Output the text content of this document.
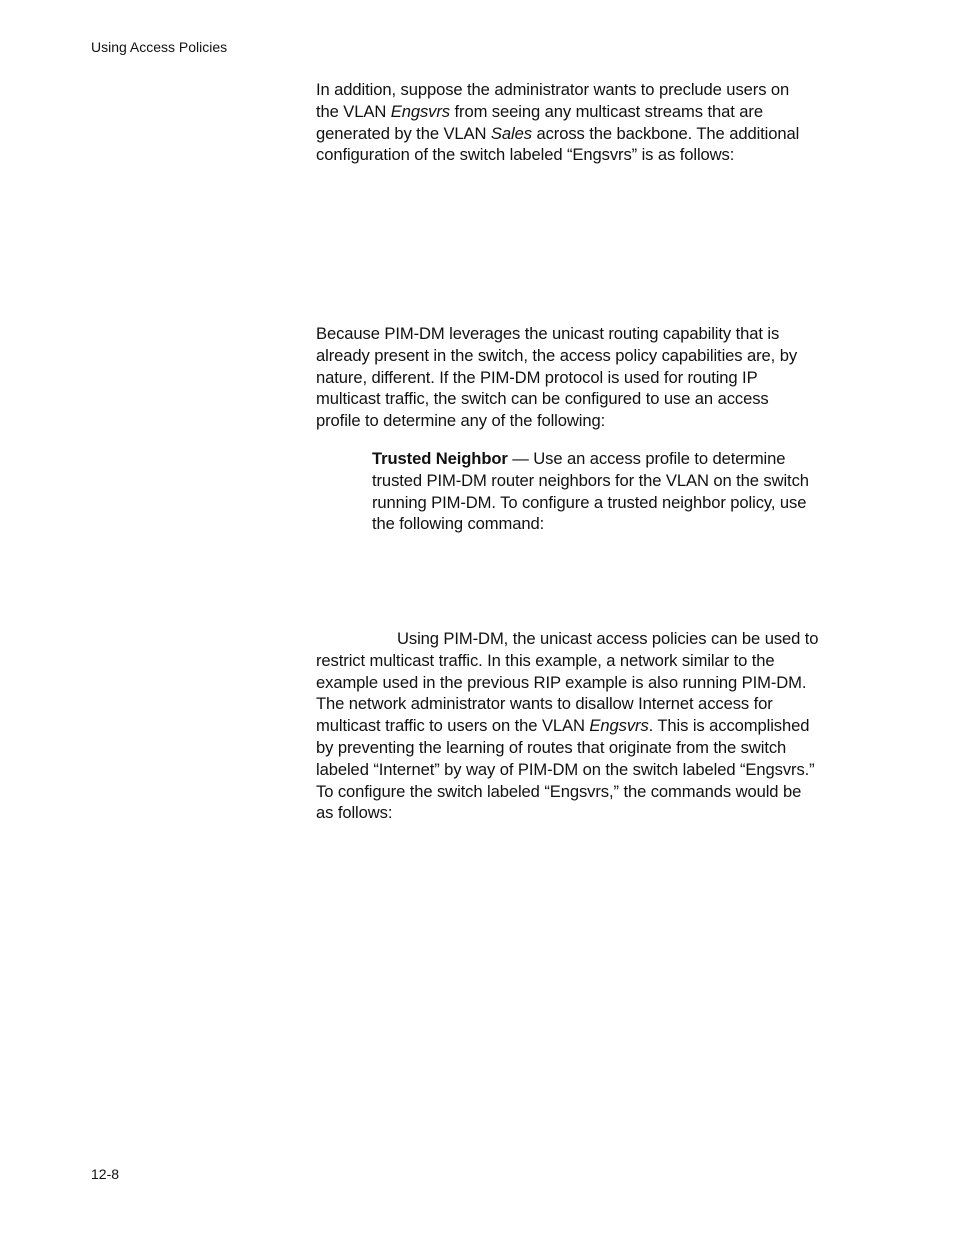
Using Access Policies

In addition, suppose the administrator wants to preclude users on
the VLAN Engsvrs from seeing any multicast streams that are
generated by the VLAN Sales across the backbone. The additional
configuration of the switch labeled “Engsvrs” is as follows:

Because PIM-DM leverages the unicast routing capability that is
already present in the switch, the access policy capabilities are, by
nature, different. If the PIM-DM protocol is used for routing IP
multicast traffic, the switch can be configured to use an access
profile to determine any of the following:

Trusted Neighbor — Use an access profile to determine
trusted PIM-DM router neighbors for the VLAN on the switch
running PIM-DM. To configure a trusted neighbor policy, use
the following command:

Using PIM-DM, the unicast access policies can be used to
restrict multicast traffic. In this example, a network similar to the
example used in the previous RIP example is also running PIM-DM.
The network administrator wants to disallow Internet access for
multicast traffic to users on the VLAN Engsvrs. This is accomplished
by preventing the learning of routes that originate from the switch
labeled “Internet” by way of PIM-DM on the switch labeled “Engsvrs.”
To configure the switch labeled “Engsvrs,” the commands would be
as follows:

12-8
